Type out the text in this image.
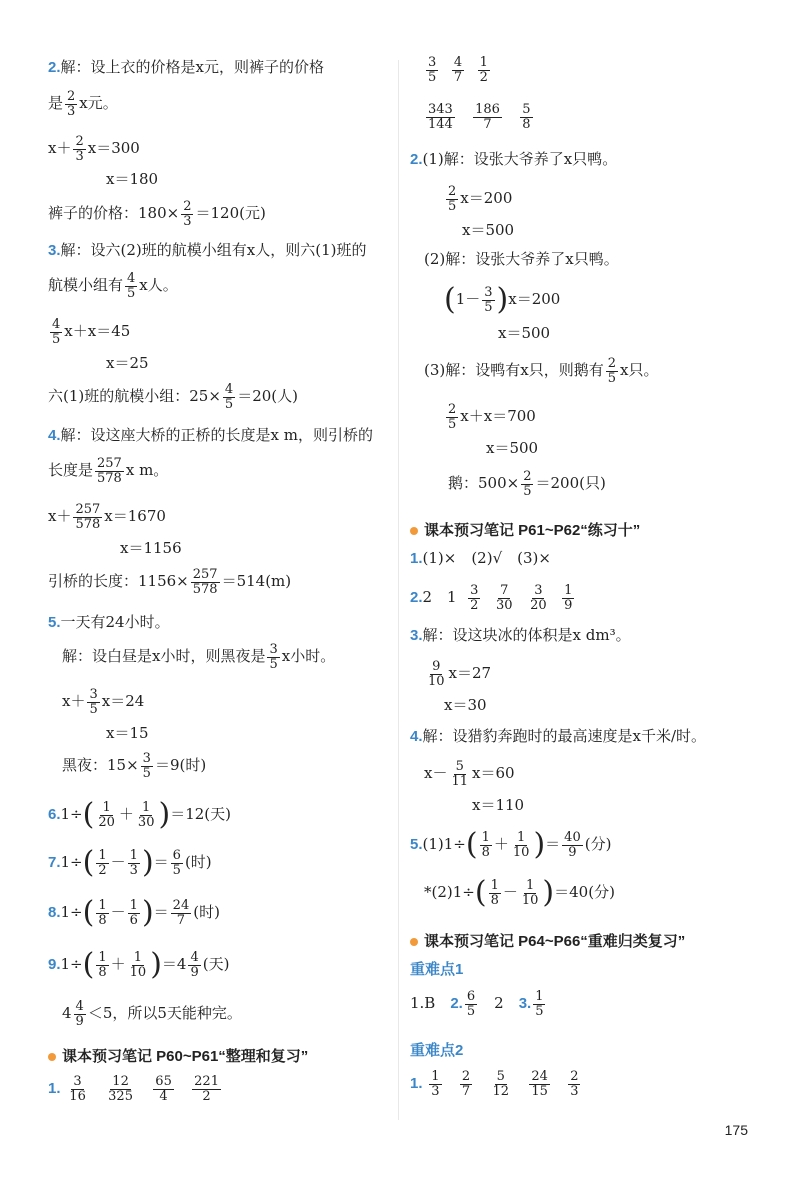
2.解：设上衣的价格是x元，则裤子的价格
是 $\frac{2}{3}$ x元。
$x+ \frac{2}{3} x=300$
x＝180
裤子的价格：$180\times \frac{2}{3} =120$(元)
3.解：设六(2)班的航模小组有x人，则六(1)班的
航模小组有 $\frac{4}{5}$ x人。
$\frac{4}{5} x+x=45$
x＝25
六(1)班的航模小组：$25\times \frac{4}{5} =20$(人)
4.解：设这座大桥的正桥的长度是x m，则引桥的
长度是 $\frac{257}{578}$ x m。
$x+ \frac{257}{578} x=1670$
x＝1156
引桥的长度：$1156\times \frac{257}{578} =514(m)$
5.一天有24小时。
解：设白昼是x小时，则黑夜是 $\frac{3}{5}$ x小时。
$x+ \frac{3}{5} x=24$
x＝15
黑夜：$15\times \frac{3}{5} =9$(时)
$6.1\div( \frac{1}{20} + \frac{1}{30} )=12$(天)
$7.1\div( \frac{1}{2} - \frac{1}{3}$ )＝ $\frac{6}{5}$ (时)
$8.1\div( \frac{1}{8} - \frac{1}{6}$ )＝ $\frac{24}{7}$ (时)
$9.1\div( \frac{1}{8} + \frac{1}{10} )=4 \frac{4}{9}$ (天)
$4 \frac{4}{9} <5$，所以5天能种完。
课本预习笔记 P60~P61“整理和复习”
1. $\frac{3}{16}$
$\frac{12}{325}$
$\frac{65}{4}$
$\frac{221}{2}$
$\frac{3}{5}$
$\frac{4}{7}$
$\frac{1}{2}$
$\frac{343}{144}$
$\frac{186}{7}$
$\frac{5}{8}$
2.(1)解：设张大爷养了x只鸭。
$\frac{2}{5} x=200$
x＝500
(2)解：设张大爷养了x只鸭。
$(1- \frac{3}{5} )x=200$
x＝500
(3)解：设鸭有x只，则鹅有 $\frac{2}{5}$ x只。
$\frac{2}{5} x+x=700$
x＝500
鹅：$500\times \frac{2}{5} =200$(只)
课本预习笔记 P61~P62“练习十”
1.(1)×　(2)√　(3)×
2.2　$1 \frac{3}{2}$
$\frac{7}{30}$
$\frac{3}{20}$
$\frac{1}{9}$
3.解：设这块冰的体积是x dm³。
$\frac{9}{10} x=27$
x＝30
4.解：设猎豹奔跑时的最高速度是x千米/时。
$x- \frac{5}{11} x=60$
x＝110
$5.(1)1\div( \frac{1}{8} + \frac{1}{10}$ )＝ $\frac{40}{9}$ (分)
$*(2)1\div( \frac{1}{8} - \frac{1}{10} )=40$(分)
课本预习笔记 P64~P66“重难归类复习”
重难点1
1.B　2. $\frac{6}{5}$ 　2　3. $\frac{1}{5}$
重难点2
1. $\frac{1}{3}$
$\frac{2}{7}$
$\frac{5}{12}$
$\frac{24}{15}$
$\frac{2}{3}$
175
